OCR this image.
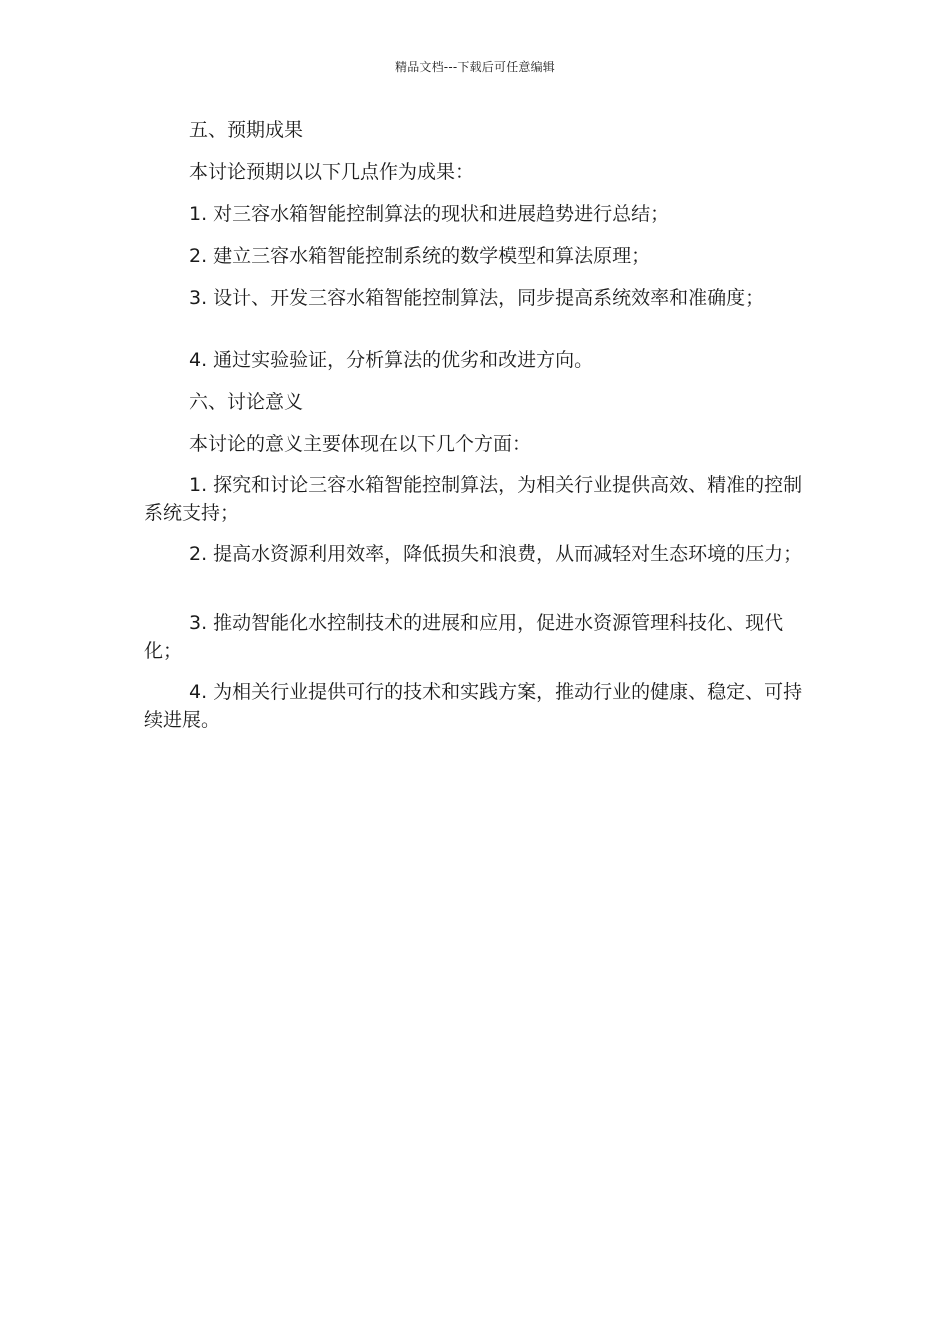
精品文档---下载后可任意编辑
五、预期成果
本讨论预期以以下几点作为成果：
1. 对三容水箱智能控制算法的现状和进展趋势进行总结；
2. 建立三容水箱智能控制系统的数学模型和算法原理；
3. 设计、开发三容水箱智能控制算法，同步提高系统效率和准确度；
4. 通过实验验证，分析算法的优劣和改进方向。
六、讨论意义
本讨论的意义主要体现在以下几个方面：
1. 探究和讨论三容水箱智能控制算法，为相关行业提供高效、精准的控制系统支持；
2. 提高水资源利用效率，降低损失和浪费，从而减轻对生态环境的压力；
3. 推动智能化水控制技术的进展和应用，促进水资源管理科技化、现代化；
4. 为相关行业提供可行的技术和实践方案，推动行业的健康、稳定、可持续进展。
